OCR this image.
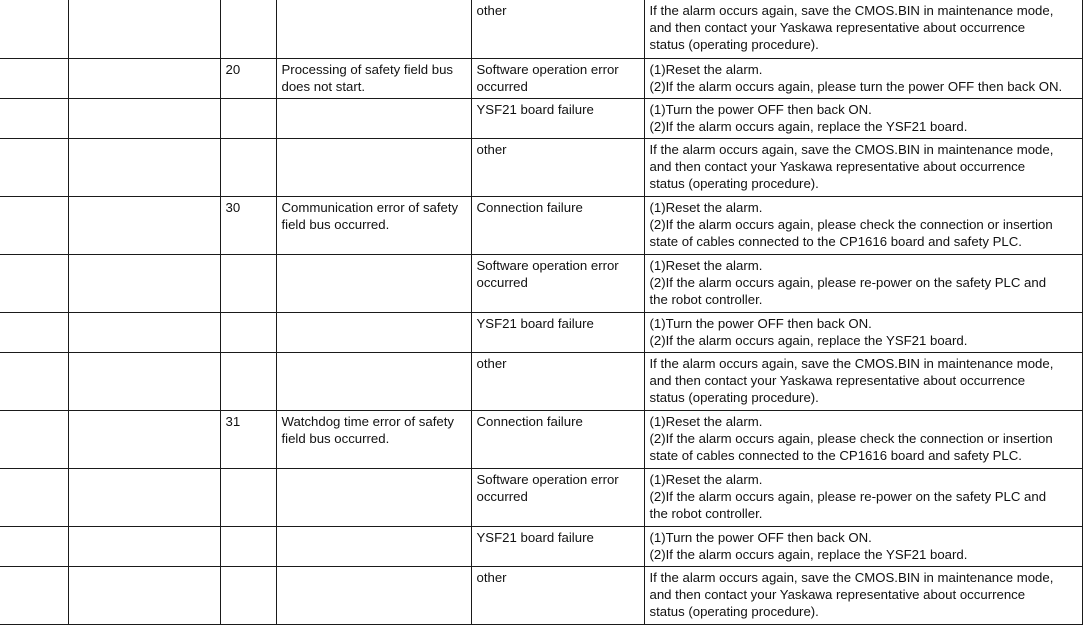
				other	If the alarm occurs again, save the CMOS.BIN in maintenance mode,
and then contact your Yaskawa representative about occurrence
status (operating procedure).

		20	Processing of safety field bus
does not start.	Software operation error
occurred	(1)Reset the alarm.
(2)If the alarm occurs again, please turn the power OFF then back ON.

				YSF21 board failure	(1)Turn the power OFF then back ON.
(2)If the alarm occurs again, replace the YSF21 board.

				other	If the alarm occurs again, save the CMOS.BIN in maintenance mode,
and then contact your Yaskawa representative about occurrence
status (operating procedure).

		30	Communication error of safety
field bus occurred.	Connection failure	(1)Reset the alarm.
(2)If the alarm occurs again, please check the connection or insertion
state of cables connected to the CP1616 board and safety PLC.

				Software operation error
occurred	(1)Reset the alarm.
(2)If the alarm occurs again, please re-power on the safety PLC and
the robot controller.

				YSF21 board failure	(1)Turn the power OFF then back ON.
(2)If the alarm occurs again, replace the YSF21 board.

				other	If the alarm occurs again, save the CMOS.BIN in maintenance mode,
and then contact your Yaskawa representative about occurrence
status (operating procedure).

		31	Watchdog time error of safety
field bus occurred.	Connection failure	(1)Reset the alarm.
(2)If the alarm occurs again, please check the connection or insertion
state of cables connected to the CP1616 board and safety PLC.

				Software operation error
occurred	(1)Reset the alarm.
(2)If the alarm occurs again, please re-power on the safety PLC and
the robot controller.

				YSF21 board failure	(1)Turn the power OFF then back ON.
(2)If the alarm occurs again, replace the YSF21 board.

				other	If the alarm occurs again, save the CMOS.BIN in maintenance mode,
and then contact your Yaskawa representative about occurrence
status (operating procedure).
